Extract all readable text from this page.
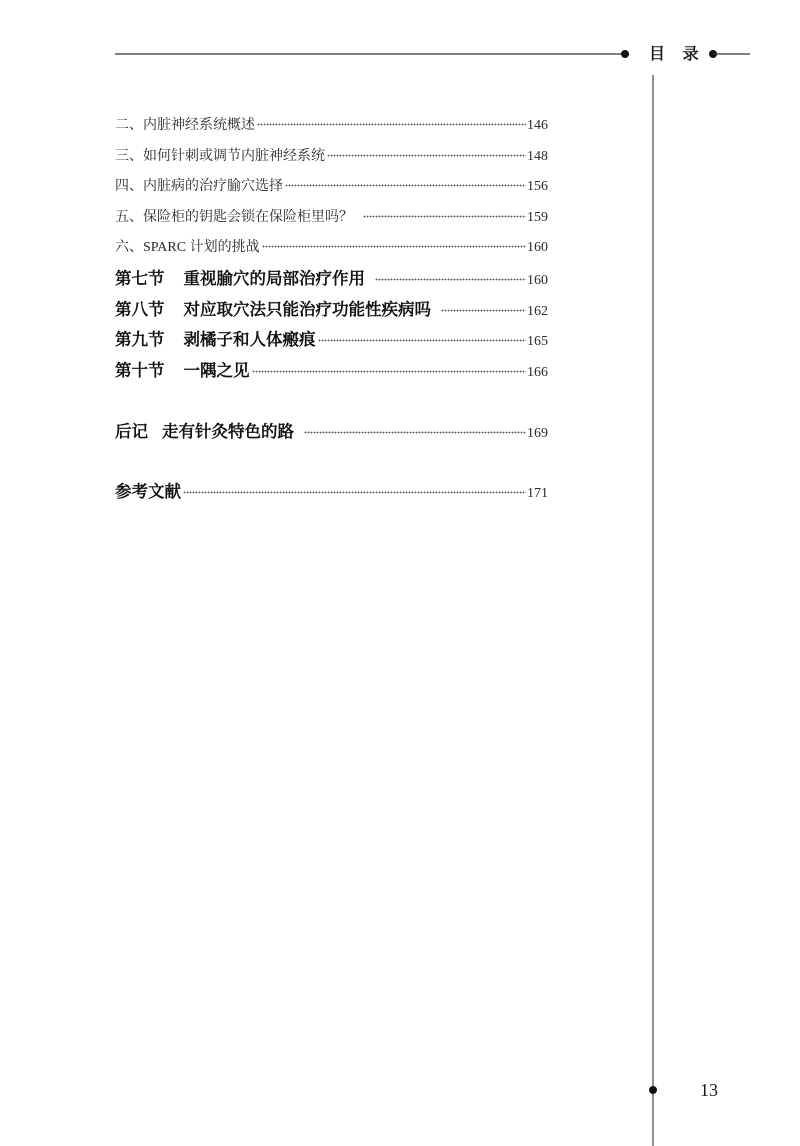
目 录
二、内脏神经系统概述	146
三、如何针刺或调节内脏神经系统	148
四、内脏病的治疗腧穴选择	156
五、保险柜的钥匙会锁在保险柜里吗？	159
六、SPARC 计划的挑战	160
第七节 重视腧穴的局部治疗作用	160
第八节 对应取穴法只能治疗功能性疾病吗	162
第九节 剥橘子和人体瘢痕	165
第十节 一隅之见	166
后记 走有针灸特色的路	169
参考文献	171
13
